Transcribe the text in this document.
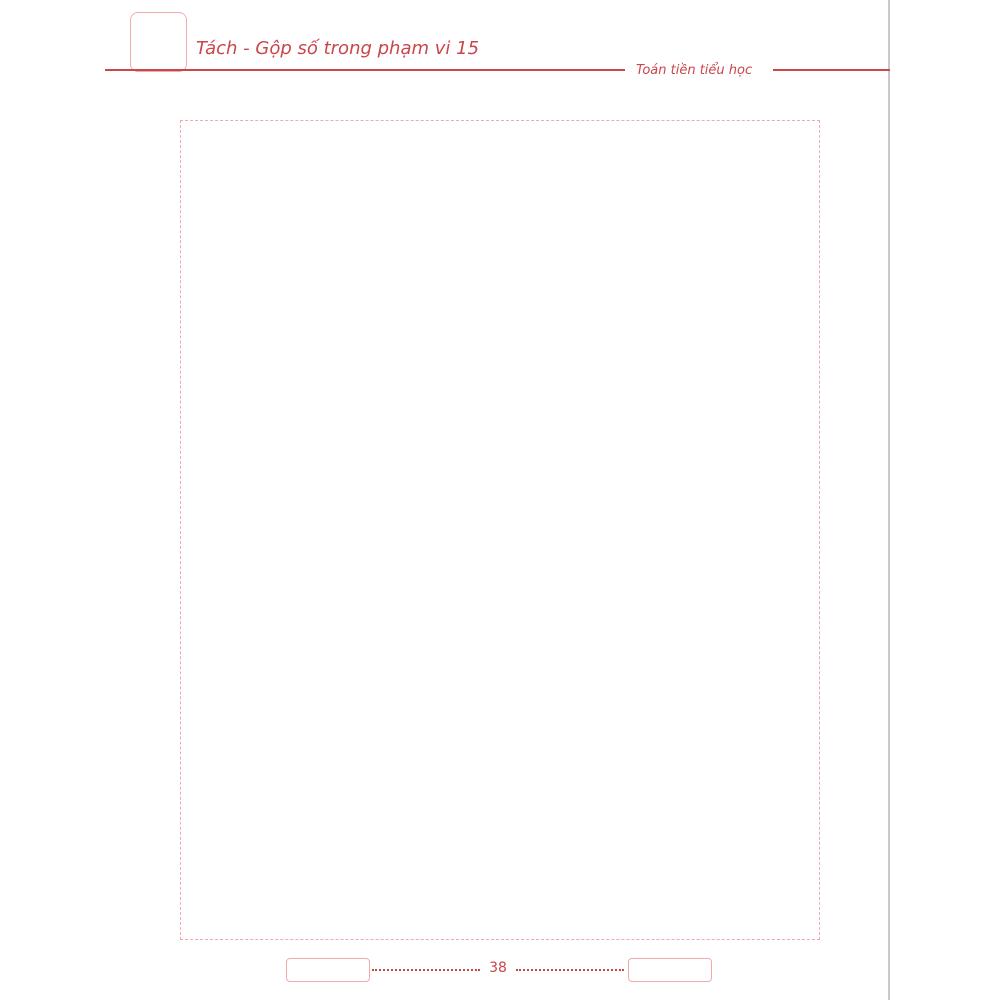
Tách - Gộp số trong phạm vi 15
Toán tiền tiểu học
38
